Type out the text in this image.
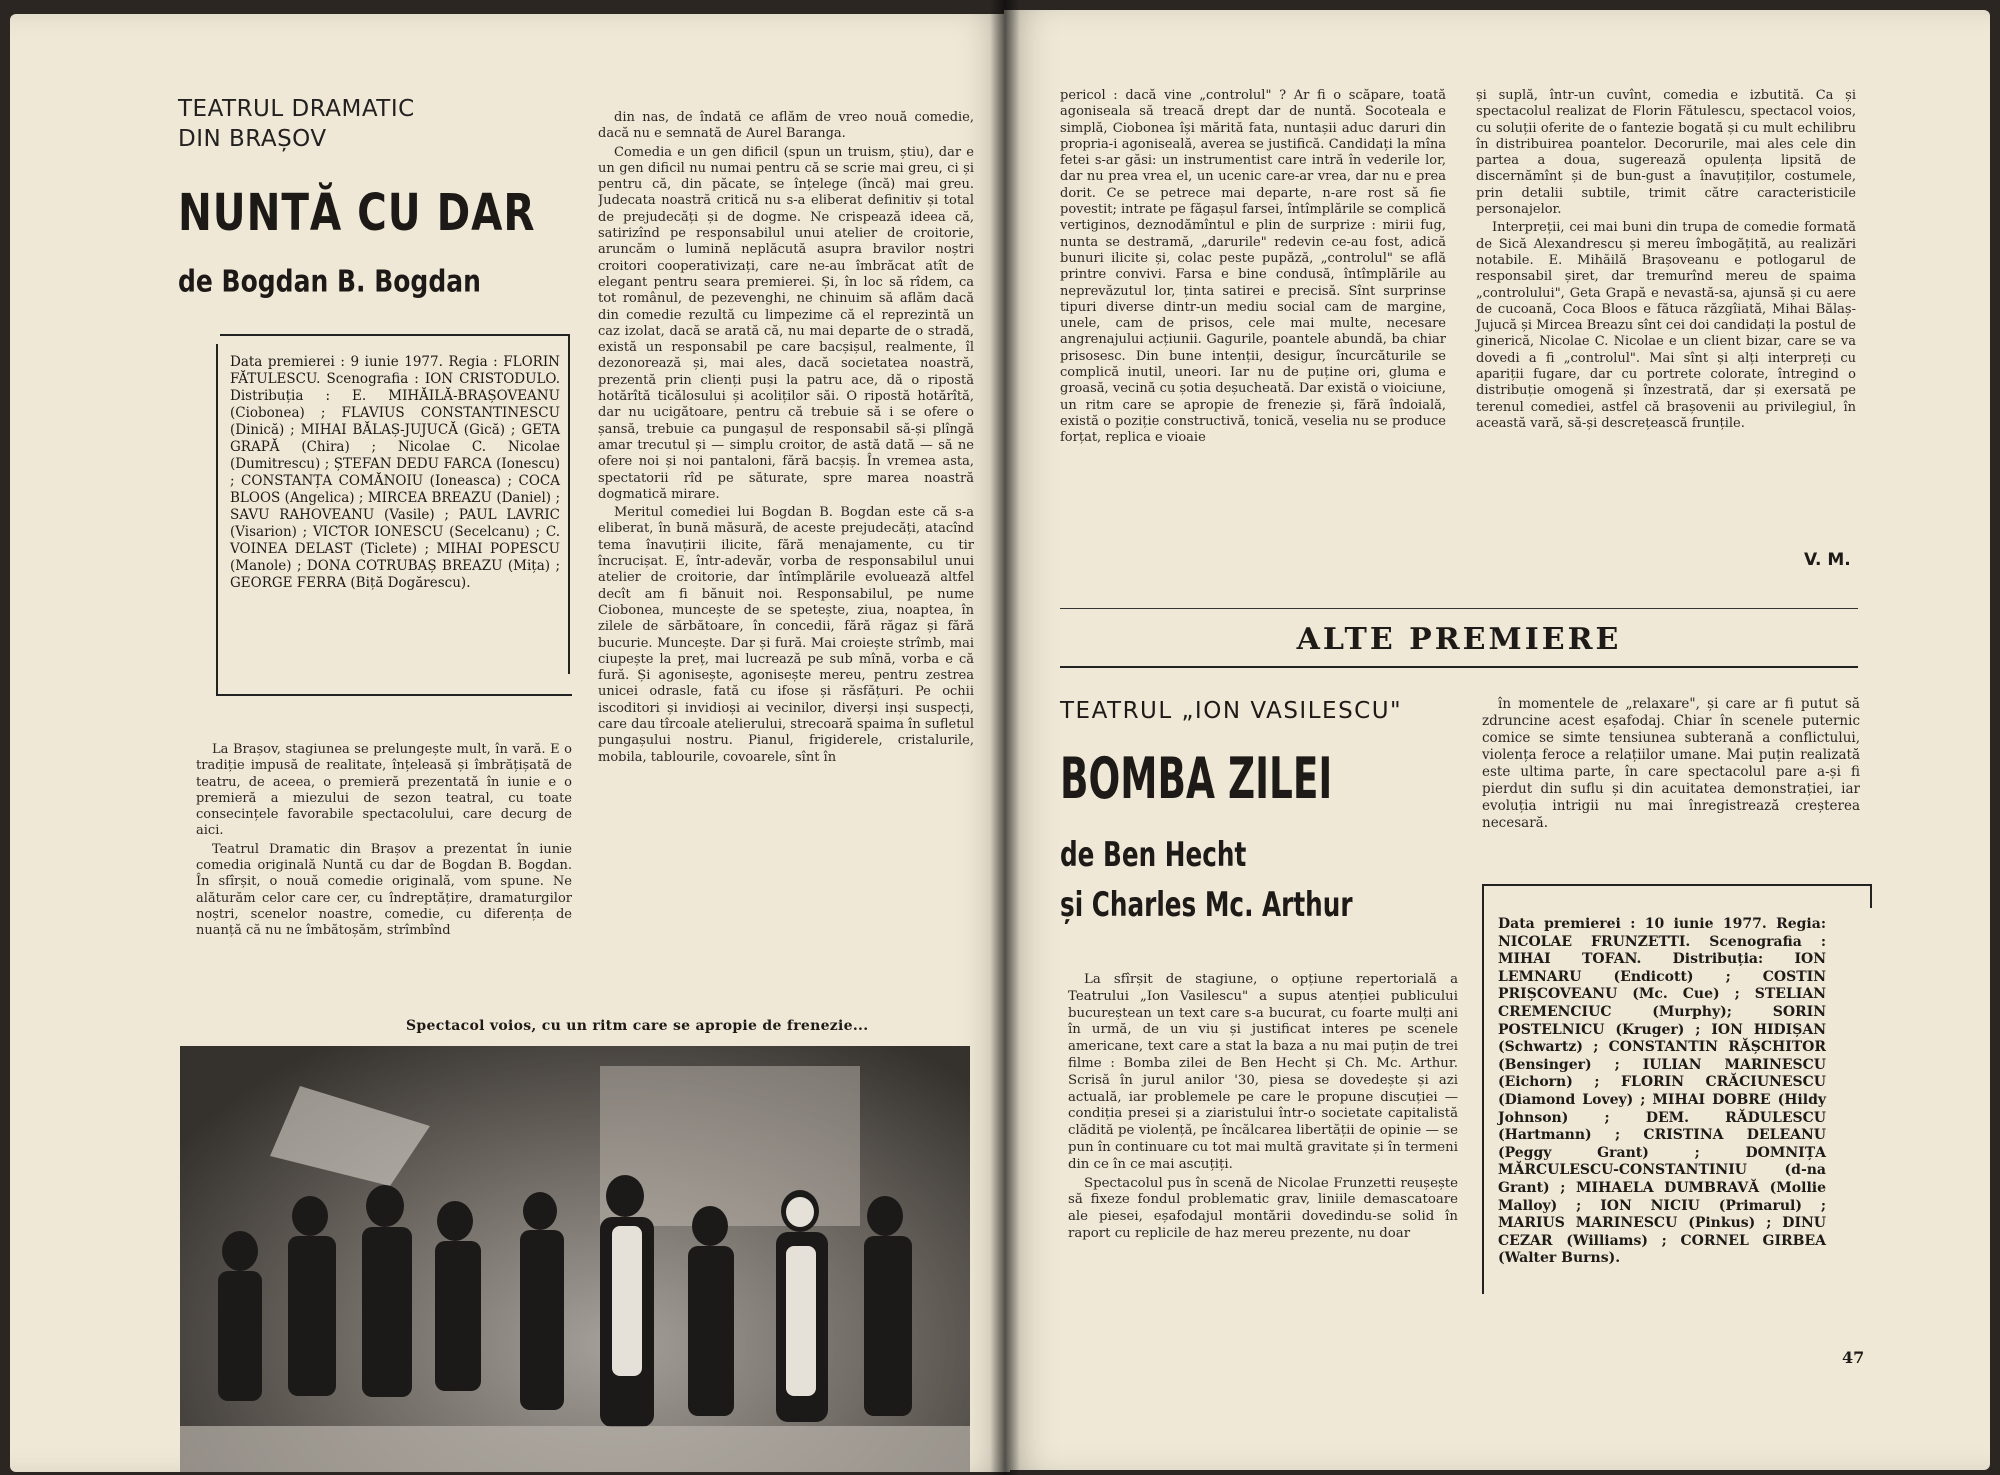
TEATRUL DRAMATIC
DIN BRAȘOV
NUNTĂ CU DAR
de Bogdan B. Bogdan
Data premierei : 9 iunie 1977. Regia : FLORIN FĂTULESCU. Scenografia : ION CRISTODULO. Distribuția : E. MIHĂILĂ-BRAȘOVEANU (Ciobonea) ; FLAVIUS CONSTANTINESCU (Dinică) ; MIHAI BĂLAȘ-JUJUCĂ (Gică) ; GETA GRAPĂ (Chira) ; Nicolae C. Nicolae (Dumitrescu) ; ȘTEFAN DEDU FARCA (Ionescu) ; CONSTANȚA COMĂNOIU (Ioneasca) ; COCA BLOOS (Angelica) ; MIRCEA BREAZU (Daniel) ; SAVU RAHOVEANU (Vasile) ; PAUL LAVRIC (Visarion) ; VICTOR IONESCU (Secelcanu) ; C. VOINEA DELAST (Ticlete) ; MIHAI POPESCU (Manole) ; DONA COTRUBAȘ BREAZU (Mița) ; GEORGE FERRA (Biță Dogărescu).

La Brașov, stagiunea se prelungește mult, în vară. E o tradiție impusă de realitate, înțeleasă și îmbrățișată de teatru, de aceea, o premieră prezentată în iunie e o premieră a miezului de sezon teatral, cu toate consecințele favorabile spectacolului, care decurg de aici.

Teatrul Dramatic din Brașov a prezentat în iunie comedia originală Nuntă cu dar de Bogdan B. Bogdan. În sfîrșit, o nouă comedie originală, vom spune. Ne alăturăm celor care cer, cu îndreptățire, dramaturgilor noștri, scenelor noastre, comedie, cu diferența de nuanță că nu ne îmbătoșăm, strîmbînd

din nas, de îndată ce aflăm de vreo nouă comedie, dacă nu e semnată de Aurel Baranga.

Comedia e un gen dificil (spun un truism, știu), dar e un gen dificil nu numai pentru că se scrie mai greu, ci și pentru că, din păcate, se înțelege (încă) mai greu. Judecata noastră critică nu s-a eliberat definitiv și total de prejudecăți și de dogme. Ne crispează ideea că, satirizînd pe responsabilul unui atelier de croitorie, aruncăm o lumină neplăcută asupra bravilor noștri croitori cooperativizați, care ne-au îmbrăcat atît de elegant pentru seara premierei. Și, în loc să rîdem, ca tot românul, de pezevenghi, ne chinuim să aflăm dacă din comedie rezultă cu limpezime că el reprezintă un caz izolat, dacă se arată că, nu mai departe de o stradă, există un responsabil pe care bacșișul, realmente, îl dezonorează și, mai ales, dacă societatea noastră, prezentă prin clienți puși la patru ace, dă o ripostă hotărîtă ticălosului și acoliților săi. O ripostă hotărîtă, dar nu ucigătoare, pentru că trebuie să i se ofere o șansă, trebuie ca pungașul de responsabil să-și plîngă amar trecutul și — simplu croitor, de astă dată — să ne ofere noi și noi pantaloni, fără bacșiș. În vremea asta, spectatorii rîd pe săturate, spre marea noastră dogmatică mirare.

Meritul comediei lui Bogdan B. Bogdan este că s-a eliberat, în bună măsură, de aceste prejudecăți, atacînd tema înavuțirii ilicite, fără menajamente, cu tir încrucișat. E, într-adevăr, vorba de responsabilul unui atelier de croitorie, dar întîmplările evoluează altfel decît am fi bănuit noi. Responsabilul, pe nume Ciobonea, muncește de se spetește, ziua, noaptea, în zilele de sărbătoare, în concedii, fără răgaz și fără bucurie. Muncește. Dar și fură. Mai croiește strîmb, mai ciupește la preț, mai lucrează pe sub mînă, vorba e că fură. Și agonisește, agonisește mereu, pentru zestrea unicei odrasle, fată cu ifose și răsfățuri. Pe ochii iscoditori și invidioși ai vecinilor, diverși inși suspecți, care dau tîrcoale atelierului, strecoară spaima în sufletul pungașului nostru. Pianul, frigiderele, cristalurile, mobila, tablourile, covoarele, sînt în

Spectacol voios, cu un ritm care se apropie de frenezie...

pericol : dacă vine „controlul" ? Ar fi o scăpare, toată agoniseala să treacă drept dar de nuntă. Socoteala e simplă, Ciobonea își mărită fata, nuntașii aduc daruri din propria-i agoniseală, averea se justifică. Candidați la mîna fetei s-ar găsi: un instrumentist care intră în vederile lor, dar nu prea vrea el, un ucenic care-ar vrea, dar nu e prea dorit. Ce se petrece mai departe, n-are rost să fie povestit; intrate pe făgașul farsei, întîmplările se complică vertiginos, deznodămîntul e plin de surprize : mirii fug, nunta se destramă, „darurile" redevin ce-au fost, adică bunuri ilicite și, colac peste pupăză, „controlul" se află printre convivi. Farsa e bine condusă, întîmplările au neprevăzutul lor, ținta satirei e precisă. Sînt surprinse tipuri diverse dintr-un mediu social cam de margine, unele, cam de prisos, cele mai multe, necesare angrenajului acțiunii. Gagurile, poantele abundă, ba chiar prisosesc. Din bune intenții, desigur, încurcăturile se complică inutil, uneori. Iar nu de puține ori, gluma e groasă, vecină cu șotia deșucheată. Dar există o vioiciune, un ritm care se apropie de frenezie și, fără îndoială, există o poziție constructivă, tonică, veselia nu se produce forțat, replica e vioaie

și suplă, într-un cuvînt, comedia e izbutită. Ca și spectacolul realizat de Florin Fătulescu, spectacol voios, cu soluții oferite de o fantezie bogată și cu mult echilibru în distribuirea poantelor. Decorurile, mai ales cele din partea a doua, sugerează opulența lipsită de discernămînt și de bun-gust a înavuțiților, costumele, prin detalii subtile, trimit către caracteristicile personajelor.

Interpreții, cei mai buni din trupa de comedie formată de Sică Alexandrescu și mereu îmbogățită, au realizări notabile. E. Mihăilă Brașoveanu e potlogarul de responsabil șiret, dar tremurînd mereu de spaima „controlului", Geta Grapă e nevastă-sa, ajunsă și cu aere de cucoană, Coca Bloos e fătuca răzgîiată, Mihai Bălaș-Jujucă și Mircea Breazu sînt cei doi candidați la postul de ginerică, Nicolae C. Nicolae e un client bizar, care se va dovedi a fi „controlul". Mai sînt și alți interpreți cu apariții fugare, dar cu portrete colorate, întregind o distribuție omogenă și înzestrată, dar și exersată pe terenul comediei, astfel că brașovenii au privilegiul, în această vară, să-și descrețească frunțile.

V. M.
ALTE PREMIERE
TEATRUL „ION VASILESCU"
BOMBA ZILEI
de Ben Hecht
și Charles Mc. Arthur

La sfîrșit de stagiune, o opțiune repertorială a Teatrului „Ion Vasilescu" a supus atenției publicului bucureștean un text care s-a bucurat, cu foarte mulți ani în urmă, de un viu și justificat interes pe scenele americane, text care a stat la baza a nu mai puțin de trei filme : Bomba zilei de Ben Hecht și Ch. Mc. Arthur. Scrisă în jurul anilor '30, piesa se dovedește și azi actuală, iar problemele pe care le propune discuției — condiția presei și a ziaristului într-o societate capitalistă clădită pe violență, pe încălcarea libertății de opinie — se pun în continuare cu tot mai multă gravitate și în termeni din ce în ce mai ascuțiți.

Spectacolul pus în scenă de Nicolae Frunzetti reușește să fixeze fondul problematic grav, liniile demascatoare ale piesei, eșafodajul montării dovedindu-se solid în raport cu replicile de haz mereu prezente, nu doar

în momentele de „relaxare", și care ar fi putut să zdruncine acest eșafodaj. Chiar în scenele puternic comice se simte tensiunea subterană a conflictului, violența feroce a relațiilor umane. Mai puțin realizată este ultima parte, în care spectacolul pare a-și fi pierdut din suflu și din acuitatea demonstrației, iar evoluția intrigii nu mai înregistrează creșterea necesară.

Data premierei : 10 iunie 1977. Regia: NICOLAE FRUNZETTI. Scenografia : MIHAI TOFAN. Distribuția: ION LEMNARU (Endicott) ; COSTIN PRIȘCOVEANU (Mc. Cue) ; STELIAN CREMENCIUC (Murphy); SORIN POSTELNICU (Kruger) ; ION HIDIȘAN (Schwartz) ; CONSTANTIN RĂȘCHITOR (Bensinger) ; IULIAN MARINESCU (Eichorn) ; FLORIN CRĂCIUNESCU (Diamond Lovey) ; MIHAI DOBRE (Hildy Johnson) ; DEM. RĂDULESCU (Hartmann) ; CRISTINA DELEANU (Peggy Grant) ; DOMNIȚA MĂRCULESCU-CONSTANTINIU (d-na Grant) ; MIHAELA DUMBRAVĂ (Mollie Malloy) ; ION NICIU (Primarul) ; MARIUS MARINESCU (Pinkus) ; DINU CEZAR (Williams) ; CORNEL GIRBEA (Walter Burns).
47
